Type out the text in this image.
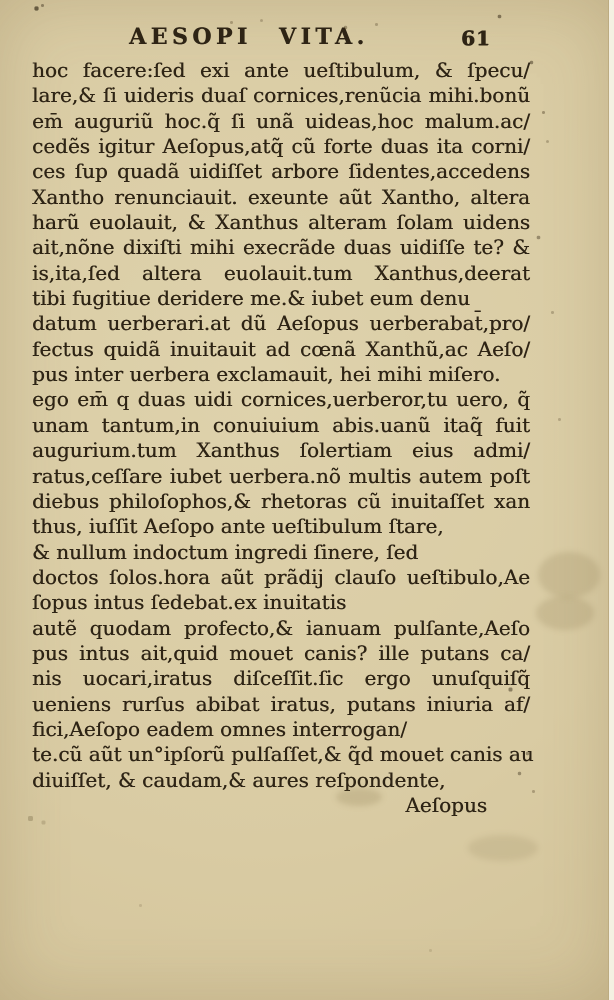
AESOPI VITA.	61
hoc facere:ſed exi ante ueſtibulum, & ſpecu/
lare,& ſi uideris duaſ cornices,renũcia mihi.bonũ
em̄ auguriũ hoc.q̃ ſi unã uideas,hoc malum.ac/
cedẽs igitur Aeſopus,atq̃ cũ forte duas ita corni/
ces ſup quadã uidiſſet arbore ſidentes,accedens
Xantho renunciauit. exeunte aũt Xantho, altera
harũ euolauit, & Xanthus alteram ſolam uidens
ait,nõne dixiſti mihi execrãde duas uidiſſe te? &
is,ita,ſed altera euolauit.tum Xanthus,deerat
tibi fugitiue deridere me.& iubet eum denu
datum uerberari.at dũ Aeſopus uerberabat̄,pro/
fectus quidã inuitauit ad cœnã Xanthũ,ac Aeſo/
pus inter uerbera exclamauit, hei mihi miſero.
ego em̄ q duas uidi cornices,uerberor,tu uero, q̃
unam tantum,in conuiuium abis.uanũ itaq̃ fuit
augurium.tum Xanthus ſolertiam eius admi/
ratus,ceſſare iubet uerbera.nõ multis autem poſt
diebus philoſophos,& rhetoras cũ inuitaſſet xan
thus, iuſſit Aeſopo ante ueſtibulum ſtare,
& nullum indoctum ingredi ſinere, ſed
doctos ſolos.hora aũt prãdij clauſo ueſtibulo,Ae
ſopus intus ſedebat.ex inuitatis
autẽ quodam profecto,& ianuam pulſante,Aeſo
pus intus ait,quid mouet canis? ille putans ca/
nis uocari,iratus diſceſſit.ſic ergo unuſquiſq̃
ueniens rurſus abibat iratus, putans iniuria af/
fici,Aeſopo eadem omnes interrogan/
te.cũ aũt un°ipſorũ pulſaſſet,& q̃d mouet canis au
diuiſſet, & caudam,& aures reſpondente,
Aeſopus
